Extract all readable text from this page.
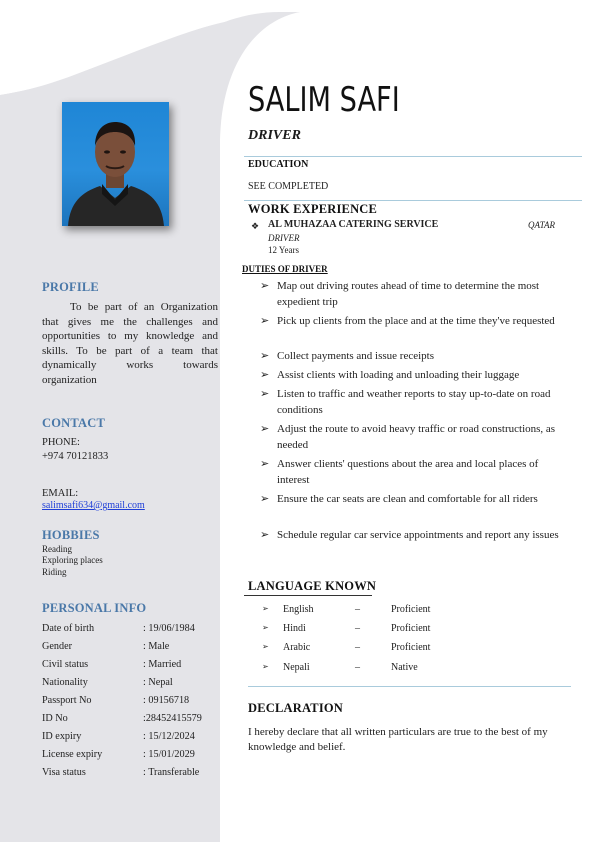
PROFILE
To be part of an Organization that gives me the challenges and opportunities to my knowledge and skills. To be part of a team that dynamically works towards organization
CONTACT
PHONE:
+974 70121833
EMAIL:
salimsafi634@gmail.com
HOBBIES
Reading
Exploring places
Riding
PERSONAL INFO
Date of birth	: 19/06/1984
Gender	: Male
Civil status	: Married
Nationality	: Nepal
Passport No	: 09156718
ID No	:28452415579
ID expiry	: 15/12/2024
License expiry	: 15/01/2029
Visa status	: Transferable
SALIM SAFI
DRIVER
EDUCATION
SEE COMPLETED
WORK EXPERIENCE
❖ AL MUHAZAA CATERING SERVICE	QATAR
DRIVER
12 Years
DUTIES OF DRIVER
➢ Map out driving routes ahead of time to determine the most expedient trip
➢ Pick up clients from the place and at the time they've requested
➢ Collect payments and issue receipts
➢ Assist clients with loading and unloading their luggage
➢ Listen to traffic and weather reports to stay up-to-date on road conditions
➢ Adjust the route to avoid heavy traffic or road constructions, as needed
➢ Answer clients' questions about the area and local places of interest
➢ Ensure the car seats are clean and comfortable for all riders
➢ Schedule regular car service appointments and report any issues
LANGUAGE KNOWN
➢ English	–	Proficient
➢ Hindi	–	Proficient
➢ Arabic	–	Proficient
➢ Nepali	–	Native
DECLARATION
I hereby declare that all written particulars are true to the best of my knowledge and belief.
